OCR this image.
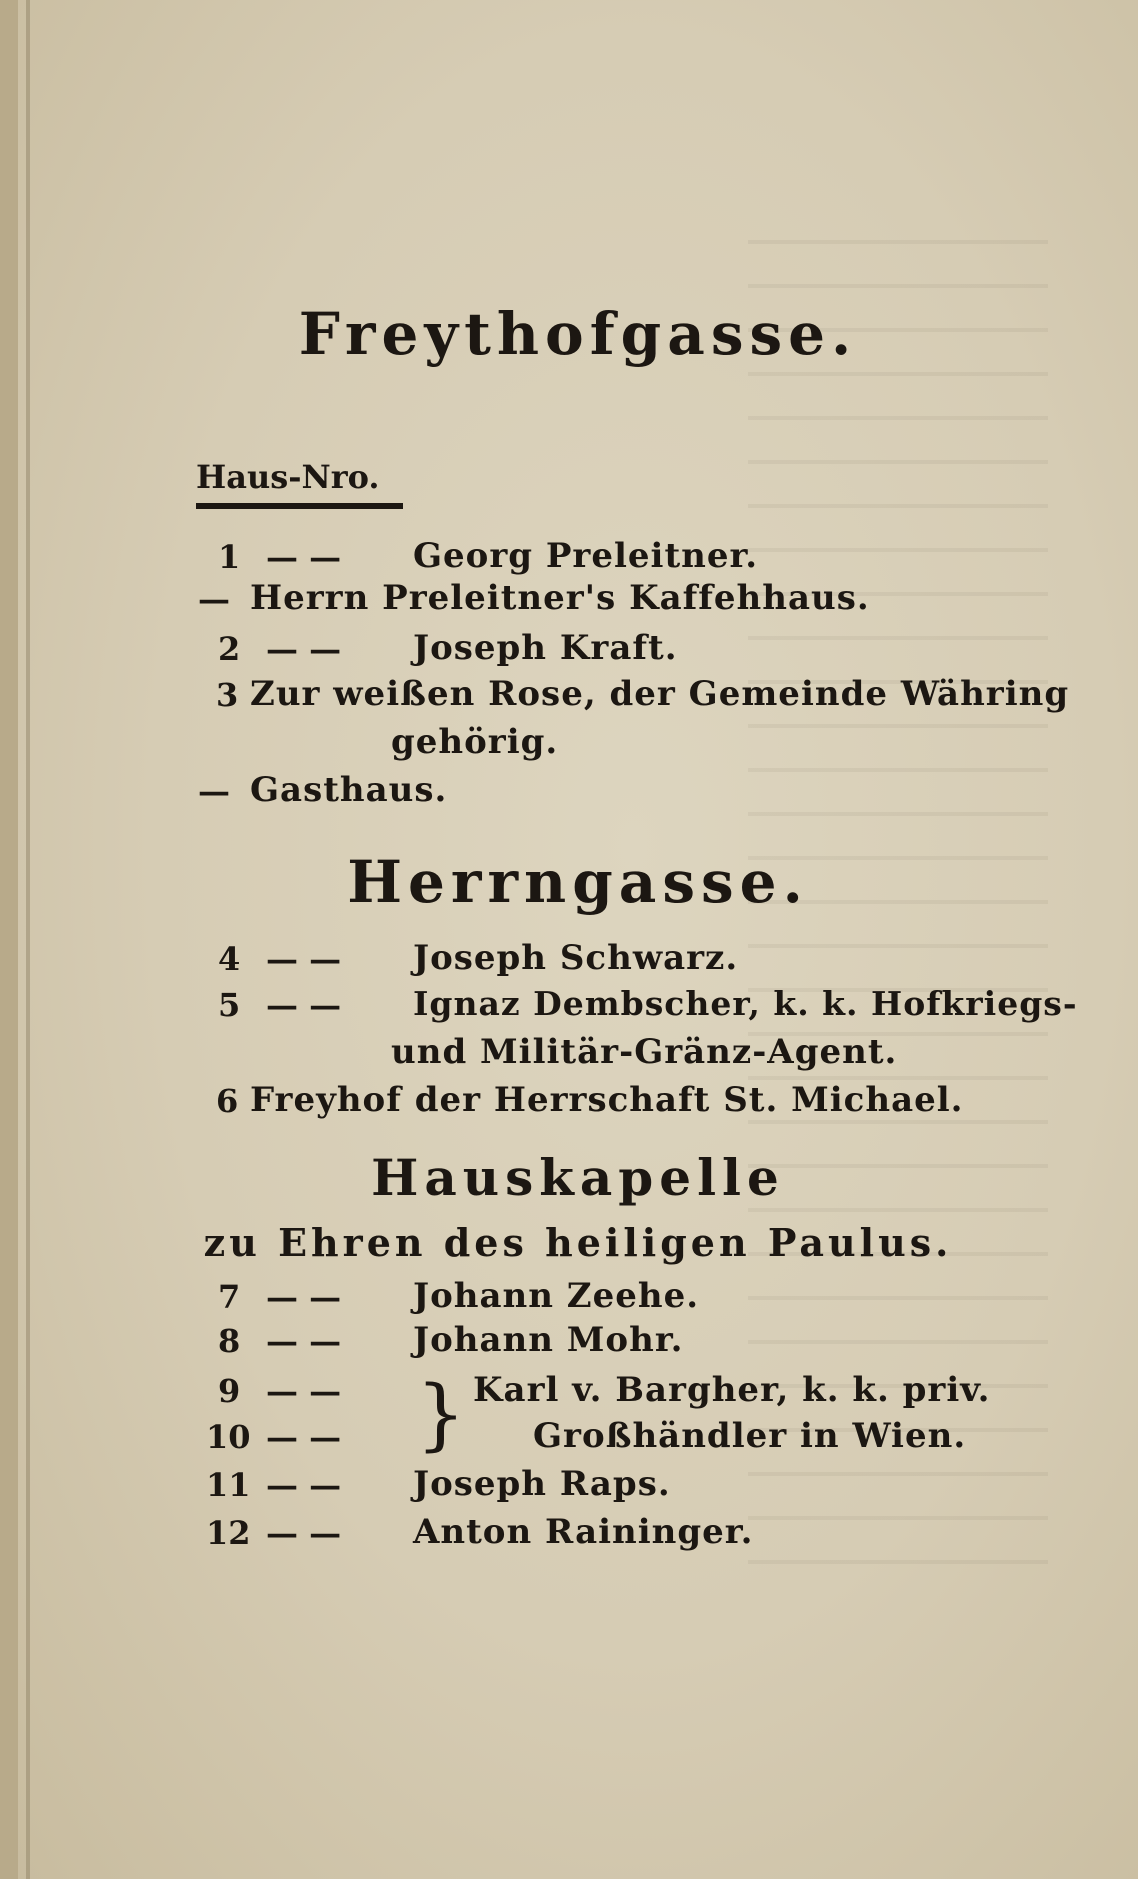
Freythofgasse.
Haus-Nro.
1 — — Georg Preleitner.
— Herrn Preleitner's Kaffehhaus.
2 — — Joseph Kraft.
3 Zur weißen Rose, der Gemeinde Währing
gehörig.
— Gasthaus.
Herrngasse.
4 — — Joseph Schwarz.
5 — — Ignaz Dembscher, k. k. Hofkriegs-
und Militär-Gränz-Agent.
6 Freyhof der Herrschaft St. Michael.
Hauskapelle
zu Ehren des heiligen Paulus.
7 — — Johann Zeehe.
8 — — Johann Mohr.
9 — —	Karl v. Bargher, k. k. priv.
}
10 — —	Großhändler in Wien.
11 — — Joseph Raps.
12 — — Anton Raininger.
